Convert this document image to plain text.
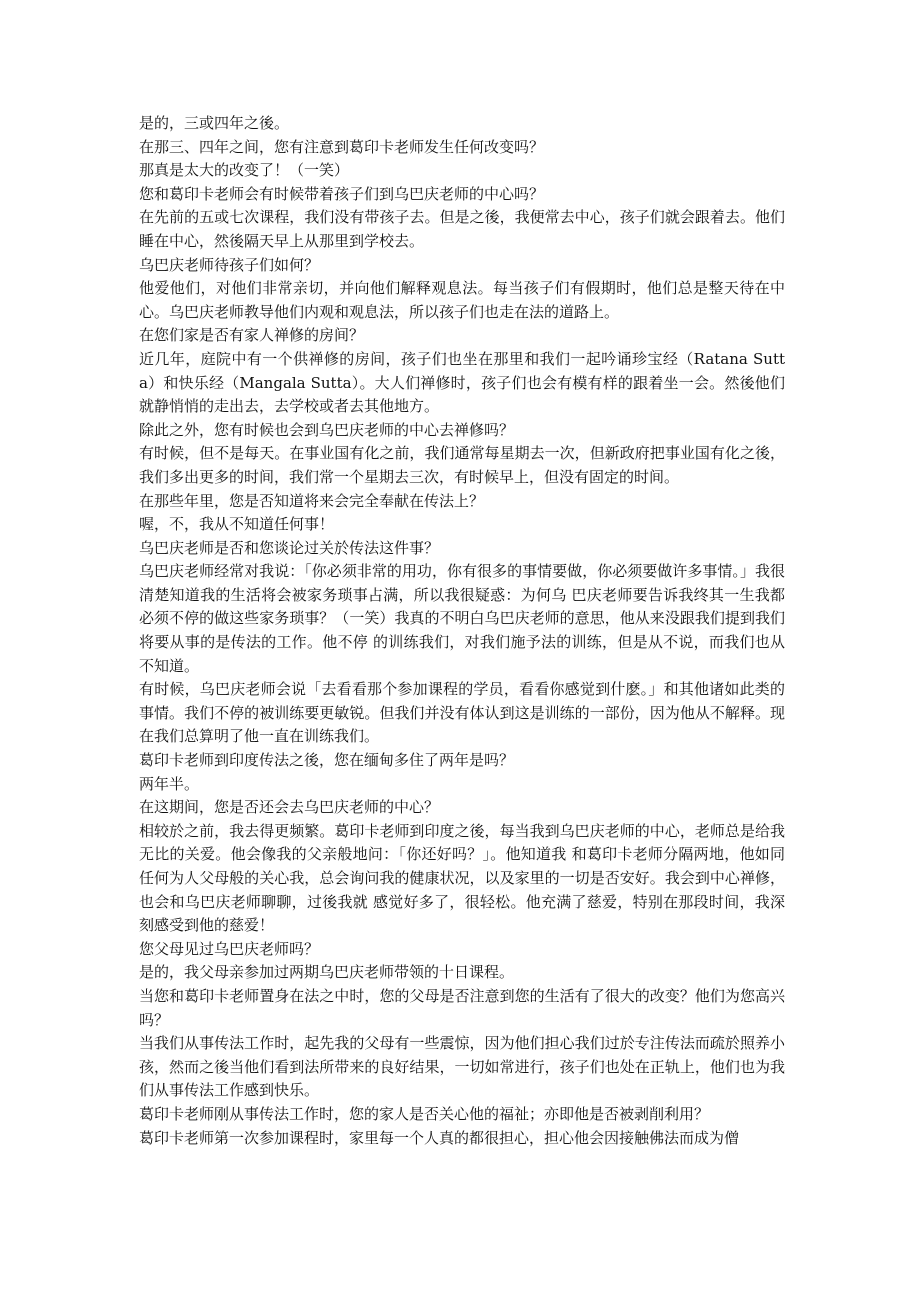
是的，三或四年之後。

在那三、四年之间，您有注意到葛印卡老师发生任何改变吗？

那真是太大的改变了！（一笑）

您和葛印卡老师会有时候带着孩子们到乌巴庆老师的中心吗？

在先前的五或七次课程，我们没有带孩子去。但是之後，我便常去中心，孩子们就会跟着去。他们睡在中心，然後隔天早上从那里到学校去。

乌巴庆老师待孩子们如何？

他爱他们，对他们非常亲切，并向他们解释观息法。每当孩子们有假期时，他们总是整天待在中心。乌巴庆老师教导他们内观和观息法，所以孩子们也走在法的道路上。

在您们家是否有家人禅修的房间？

近几年，庭院中有一个供禅修的房间，孩子们也坐在那里和我们一起吟诵珍宝经（Ratana Sutta）和快乐经（Mangala Sutta）。大人们禅修时，孩子们也会有模有样的跟着坐一会。然後他们就静悄悄的走出去，去学校或者去其他地方。

除此之外，您有时候也会到乌巴庆老师的中心去禅修吗？

有时候，但不是每天。在事业国有化之前，我们通常每星期去一次，但新政府把事业国有化之後，我们多出更多的时间，我们常一个星期去三次，有时候早上，但没有固定的时间。

在那些年里，您是否知道将来会完全奉献在传法上？

喔，不，我从不知道任何事！

乌巴庆老师是否和您谈论过关於传法这件事？

乌巴庆老师经常对我说：「你必须非常的用功，你有很多的事情要做，你必须要做许多事情。」我很清楚知道我的生活将会被家务琐事占满，所以我很疑惑：为何乌 巴庆老师要告诉我终其一生我都必须不停的做这些家务琐事？（一笑）我真的不明白乌巴庆老师的意思，他从来没跟我们提到我们将要从事的是传法的工作。他不停 的训练我们，对我们施予法的训练，但是从不说，而我们也从不知道。

有时候，乌巴庆老师会说「去看看那个参加课程的学员，看看你感觉到什麽。」和其他诸如此类的事情。我们不停的被训练要更敏锐。但我们并没有体认到这是训练的一部份，因为他从不解释。现在我们总算明了他一直在训练我们。

葛印卡老师到印度传法之後，您在缅甸多住了两年是吗？

两年半。

在这期间，您是否还会去乌巴庆老师的中心？

相较於之前，我去得更频繁。葛印卡老师到印度之後，每当我到乌巴庆老师的中心，老师总是给我无比的关爱。他会像我的父亲般地问：「你还好吗？」。他知道我 和葛印卡老师分隔两地，他如同任何为人父母般的关心我，总会询问我的健康状况，以及家里的一切是否安好。我会到中心禅修，也会和乌巴庆老师聊聊，过後我就 感觉好多了，很轻松。他充满了慈爱，特别在那段时间，我深刻感受到他的慈爱！

您父母见过乌巴庆老师吗？

是的，我父母亲参加过两期乌巴庆老师带领的十日课程。

当您和葛印卡老师置身在法之中时，您的父母是否注意到您的生活有了很大的改变？他们为您高兴吗？

当我们从事传法工作时，起先我的父母有一些震惊，因为他们担心我们过於专注传法而疏於照养小孩，然而之後当他们看到法所带来的良好结果，一切如常进行，孩子们也处在正轨上，他们也为我们从事传法工作感到快乐。

葛印卡老师刚从事传法工作时，您的家人是否关心他的福祉；亦即他是否被剥削利用？

葛印卡老师第一次参加课程时，家里每一个人真的都很担心，担心他会因接触佛法而成为僧
